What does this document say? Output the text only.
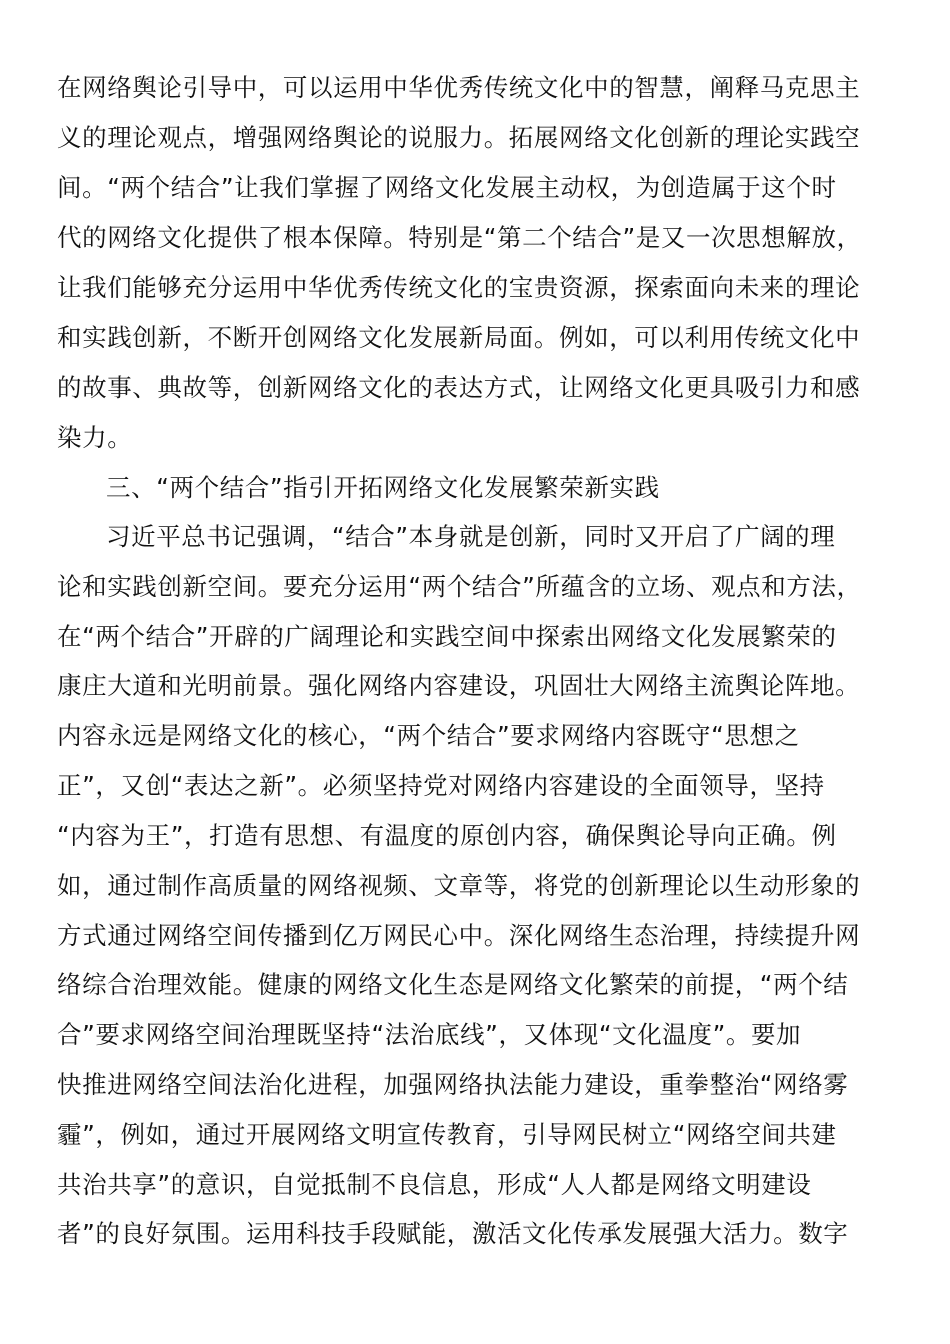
在网络舆论引导中，可以运用中华优秀传统文化中的智慧，阐释马克思主
义的理论观点，增强网络舆论的说服力。拓展网络文化创新的理论实践空
间。“两个结合”让我们掌握了网络文化发展主动权，为创造属于这个时
代的网络文化提供了根本保障。特别是“第二个结合”是又一次思想解放，
让我们能够充分运用中华优秀传统文化的宝贵资源，探索面向未来的理论
和实践创新，不断开创网络文化发展新局面。例如，可以利用传统文化中
的故事、典故等，创新网络文化的表达方式，让网络文化更具吸引力和感
染力。
三、“两个结合”指引开拓网络文化发展繁荣新实践
习近平总书记强调，“结合”本身就是创新，同时又开启了广阔的理
论和实践创新空间。要充分运用“两个结合”所蕴含的立场、观点和方法，
在“两个结合”开辟的广阔理论和实践空间中探索出网络文化发展繁荣的
康庄大道和光明前景。强化网络内容建设，巩固壮大网络主流舆论阵地。
内容永远是网络文化的核心，“两个结合”要求网络内容既守“思想之
正”，又创“表达之新”。必须坚持党对网络内容建设的全面领导，坚持
“内容为王”，打造有思想、有温度的原创内容，确保舆论导向正确。例
如，通过制作高质量的网络视频、文章等，将党的创新理论以生动形象的
方式通过网络空间传播到亿万网民心中。深化网络生态治理，持续提升网
络综合治理效能。健康的网络文化生态是网络文化繁荣的前提，“两个结
合”要求网络空间治理既坚持“法治底线”，又体现“文化温度”。要加
快推进网络空间法治化进程，加强网络执法能力建设，重拳整治“网络雾
霾”，例如，通过开展网络文明宣传教育，引导网民树立“网络空间共建
共治共享”的意识，自觉抵制不良信息，形成“人人都是网络文明建设
者”的良好氛围。运用科技手段赋能，激活文化传承发展强大活力。数字
